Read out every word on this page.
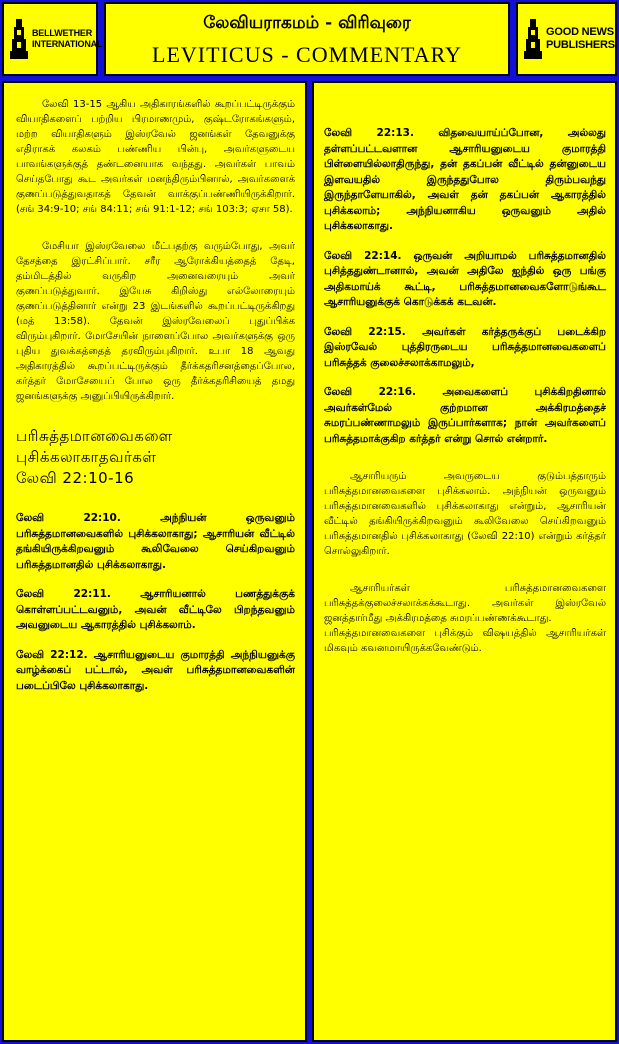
BELLWETHER
INTERNATIONAL
லேவியராகமம் - விரிவுரை
LEVITICUS - COMMENTARY
GOOD NEWS
PUBLISHERS

லேவி 13-15 ஆகிய அதிகாரங்களில் கூறப்பட்டிருக்கும் வியாதிகளைப் பற்றிய பிரமாணமும், குஷ்டரோகங்களும், மற்ற வியாதிகளும் இஸ்ரவேல் ஜனங்கள் தேவனுக்கு எதிராகக் கலகம் பண்ணிய பின்பு, அவர்களுடைய பாவங்களுக்குத் தண்டனையாக வந்தது. அவர்கள் பாவம் செய்தபோது கூட அவர்கள் மனந்திரும்பினால், அவர்களைக் குணப்படுத்துவதாகத் தேவன் வாக்குப்பண்ணியிருக்கிறார். (சங் 34:9-10; சங் 84:11; சங் 91:1-12; சங் 103:3; ஏசா 58).

மேசியா இஸ்ரவேலை மீட்பதற்கு வரும்போது, அவர் தேசத்தை இரட்சிப்பார். சரீர ஆரோக்கியத்தைத் தேடி, தம்மிடத்தில் வருகிற அனைவரையும் அவர் குணப்படுத்துவார். இயேசு கிறிஸ்து எல்லோரையும் குணப்படுத்தினார் என்று 23 இடங்களில் கூறப்பட்டிருக்கிறது (மத் 13:58). தேவன் இஸ்ரவேலைப் புதுப்பிக்க விரும்புகிறார். மோசேயின் நாளைப்போல அவர்களுக்கு ஒரு புதிய துவக்கத்தைத் தரவிரும்புகிறார். உபா 18 ஆவது அதிகாரத்தில் கூறப்பட்டிருக்கும் தீர்க்கதரிசனத்தைப்போல, கர்த்தர் மோசேயைப் போல ஒரு தீர்க்கதரிசியைத் தமது ஜனங்களுக்கு அனுப்பியிருக்கிறார்.

பரிசுத்தமானவைகளை
புசிக்கலாகாதவர்கள்
லேவி 22:10-16

லேவி 22:10. அந்நியன் ஒருவனும் பரிசுத்தமானவைகளில் புசிக்கலாகாது; ஆசாரியன் வீட்டில் தங்கியிருக்கிறவனும் கூலிவேலை செய்கிறவனும் பரிசுத்தமானதில் புசிக்கலாகாது.

லேவி 22:11. ஆசாரியனால் பணத்துக்குக் கொள்ளப்பட்டவனும், அவன் வீட்டிலே பிறந்தவனும் அவனுடைய ஆகாரத்தில் புசிக்கலாம்.

லேவி 22:12. ஆசாரியனுடைய குமாரத்தி அந்நியனுக்கு வாழ்க்கைப் பட்டால், அவள் பரிசுத்தமானவைகளின் படைப்பிலே புசிக்கலாகாது.

லேவி 22:13. விதவையாய்ப்போன, அல்லது தள்ளப்பட்டவளான ஆசாரியனுடைய குமாரத்தி பிள்ளையில்லாதிருந்து, தன் தகப்பன் வீட்டில் தன்னுடைய இளவயதில் இருந்ததுபோல திரும்பவந்து இருந்தாளேயாகில், அவள் தன் தகப்பன் ஆகாரத்தில் புசிக்கலாம்; அந்நியனாகிய ஒருவனும் அதில் புசிக்கலாகாது.

லேவி 22:14. ஒருவன் அறியாமல் பரிசுத்தமானதில் புசித்ததுண்டானால், அவன் அதிலே ஐந்தில் ஒரு பங்கு அதிகமாய்க் கூட்டி, பரிசுத்தமானவைகளோடுங்கூட ஆசாரியனுக்குக் கொடுக்கக் கடவன்.

லேவி 22:15. அவர்கள் கர்த்தருக்குப் படைக்கிற இஸ்ரவேல் புத்திரருடைய பரிசுத்தமானவைகளைப் பரிசுத்தக் குலைச்சலாக்காமலும்,

லேவி 22:16. அவைகளைப் புசிக்கிறதினால் அவர்கள்மேல் குற்றமான அக்கிரமத்தைச் சுமரப்பண்ணாமலும் இருப்பார்களாக; நான் அவர்களைப் பரிசுத்தமாக்குகிற கர்த்தர் என்று சொல் என்றார்.

ஆசாரியரும் அவருடைய குடும்பத்தாரும் பரிசுத்தமானவைகளை புசிக்கலாம். அந்நியன் ஒருவனும் பரிசுத்தமானவைகளில் புசிக்கலாகாது என்றும், ஆசாரியன் வீட்டில் தங்கியிருக்கிறவனும் கூலிவேலை செய்கிறவனும் பரிசுத்தமானதில் புசிக்கலாகாது (லேவி 22:10) என்றும் கர்த்தர் சொல்லுகிறார்.

ஆசாரியர்கள் பரிசுத்தமானவைகளை பரிசுத்தக்குலைச்சலாக்கக்கூடாது. அவர்கள் இஸ்ரவேல் ஜனத்தார்மீது அக்கிரமத்தை சுமரப்பண்ணக்கூடாது.

பரிசுத்தமானவைகளை புசிக்கும் விஷயத்தில் ஆசாரியர்கள் மிகவும் கவனமாயிருக்கவேண்டும்.
